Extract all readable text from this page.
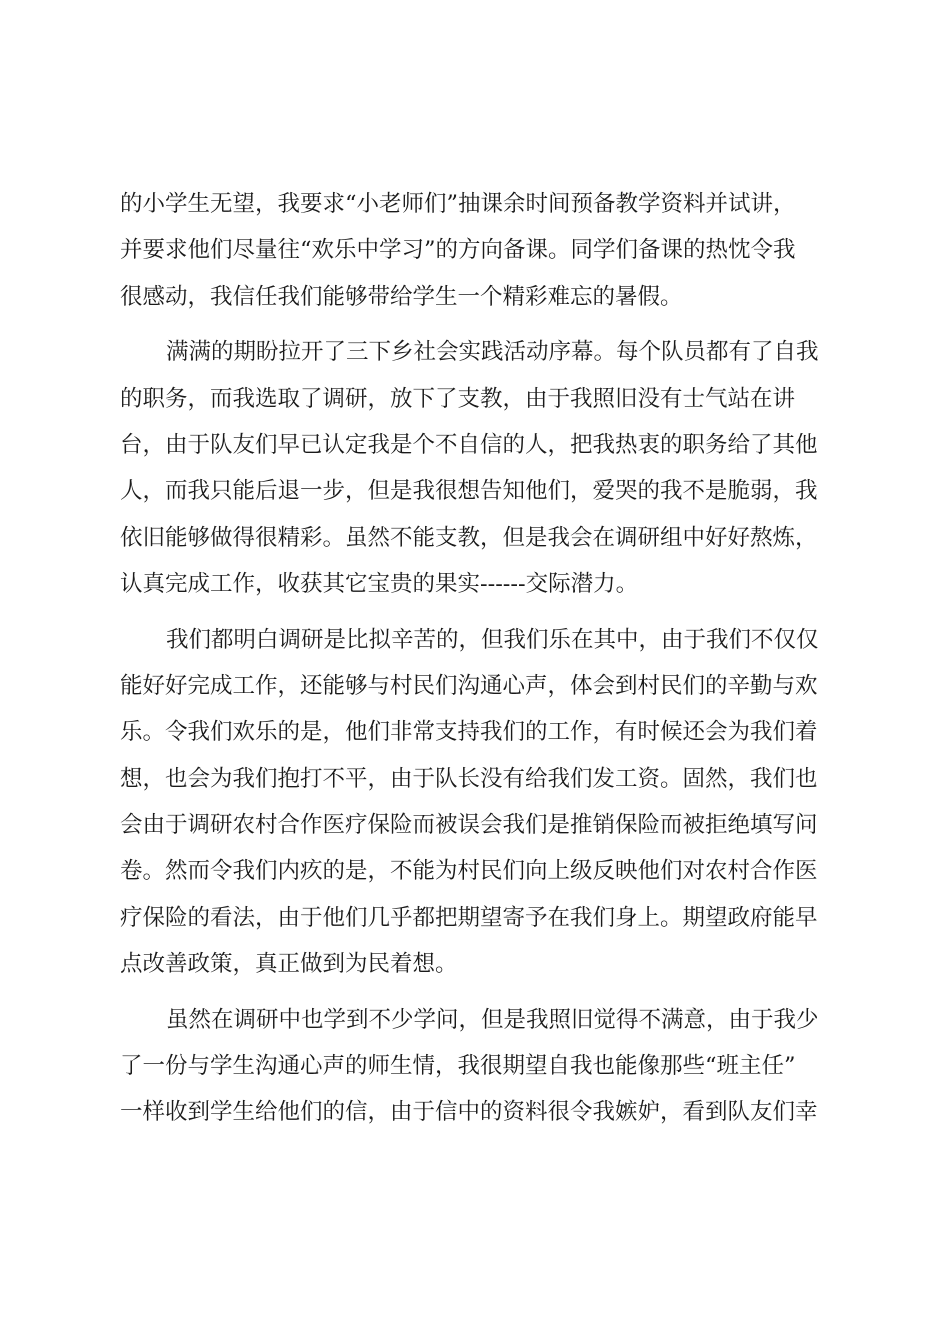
的小学生无望，我要求“小老师们”抽课余时间预备教学资料并试讲，
并要求他们尽量往“欢乐中学习”的方向备课。同学们备课的热忱令我
很感动，我信任我们能够带给学生一个精彩难忘的暑假。
满满的期盼拉开了三下乡社会实践活动序幕。每个队员都有了自我
的职务，而我选取了调研，放下了支教，由于我照旧没有士气站在讲
台，由于队友们早已认定我是个不自信的人，把我热衷的职务给了其他
人，而我只能后退一步，但是我很想告知他们，爱哭的我不是脆弱，我
依旧能够做得很精彩。虽然不能支教，但是我会在调研组中好好熬炼，
认真完成工作，收获其它宝贵的果实------交际潜力。
我们都明白调研是比拟辛苦的，但我们乐在其中，由于我们不仅仅
能好好完成工作，还能够与村民们沟通心声，体会到村民们的辛勤与欢
乐。令我们欢乐的是，他们非常支持我们的工作，有时候还会为我们着
想，也会为我们抱打不平，由于队长没有给我们发工资。固然，我们也
会由于调研农村合作医疗保险而被误会我们是推销保险而被拒绝填写问
卷。然而令我们内疚的是，不能为村民们向上级反映他们对农村合作医
疗保险的看法，由于他们几乎都把期望寄予在我们身上。期望政府能早
点改善政策，真正做到为民着想。
虽然在调研中也学到不少学问，但是我照旧觉得不满意，由于我少
了一份与学生沟通心声的师生情，我很期望自我也能像那些“班主任”
一样收到学生给他们的信，由于信中的资料很令我嫉妒，看到队友们幸
